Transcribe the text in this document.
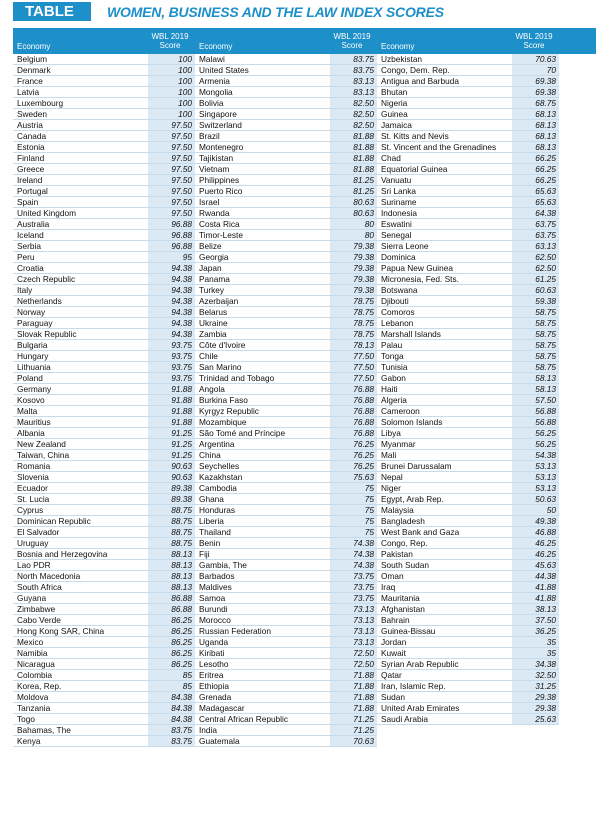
TABLE	WOMEN, BUSINESS AND THE LAW INDEX SCORES
Economy
WBL 2019 Score	Economy
WBL 2019 Score	Economy
WBL 2019 Score
Belgium	100
Denmark	100
France	100
Latvia	100
Luxembourg	100
Sweden	100
Austria	97.50
Canada	97.50
Estonia	97.50
Finland	97.50
Greece	97.50
Ireland	97.50
Portugal	97.50
Spain	97.50
United Kingdom	97.50
Australia	96.88
Iceland	96.88
Serbia	96.88
Peru	95
Croatia	94.38
Czech Republic	94.38
Italy	94.38
Netherlands	94.38
Norway	94.38
Paraguay	94.38
Slovak Republic	94.38
Bulgaria	93.75
Hungary	93.75
Lithuania	93.75
Poland	93.75
Germany	91.88
Kosovo	91.88
Malta	91.88
Mauritius	91.88
Albania	91.25
New Zealand	91.25
Taiwan, China	91.25
Romania	90.63
Slovenia	90.63
Ecuador	89.38
St. Lucia	89.38
Cyprus	88.75
Dominican Republic	88.75
El Salvador	88.75
Uruguay	88.75
Bosnia and Herzegovina	88.13
Lao PDR	88.13
North Macedonia	88.13
South Africa	88.13
Guyana	86.88
Zimbabwe	86.88
Cabo Verde	86.25
Hong Kong SAR, China	86.25
Mexico	86.25
Namibia	86.25
Nicaragua	86.25
Colombia	85
Korea, Rep.	85
Moldova	84.38
Tanzania	84.38
Togo	84.38
Bahamas, The	83.75
Kenya	83.75
Malawi	83.75
United States	83.75
Armenia	83.13
Mongolia	83.13
Bolivia	82.50
Singapore	82.50
Switzerland	82.50
Brazil	81.88
Montenegro	81.88
Tajikistan	81.88
Vietnam	81.88
Philippines	81.25
Puerto Rico	81.25
Israel	80.63
Rwanda	80.63
Costa Rica	80
Timor-Leste	80
Belize	79.38
Georgia	79.38
Japan	79.38
Panama	79.38
Turkey	79.38
Azerbaijan	78.75
Belarus	78.75
Ukraine	78.75
Zambia	78.75
Côte d'Ivoire	78.13
Chile	77.50
San Marino	77.50
Trinidad and Tobago	77.50
Angola	76.88
Burkina Faso	76.88
Kyrgyz Republic	76.88
Mozambique	76.88
São Tomé and Príncipe	76.88
Argentina	76.25
China	76.25
Seychelles	76.25
Kazakhstan	75.63
Cambodia	75
Ghana	75
Honduras	75
Liberia	75
Thailand	75
Benin	74.38
Fiji	74.38
Gambia, The	74.38
Barbados	73.75
Maldives	73.75
Samoa	73.75
Burundi	73.13
Morocco	73.13
Russian Federation	73.13
Uganda	73.13
Kiribati	72.50
Lesotho	72.50
Eritrea	71.88
Ethiopia	71.88
Grenada	71.88
Madagascar	71.88
Central African Republic	71.25
India	71.25
Guatemala	70.63
Uzbekistan	70.63
Congo, Dem. Rep.	70
Antigua and Barbuda	69.38
Bhutan	69.38
Nigeria	68.75
Guinea	68.13
Jamaica	68.13
St. Kitts and Nevis	68.13
St. Vincent and the Grenadines	68.13
Chad	66.25
Equatorial Guinea	66.25
Vanuatu	66.25
Sri Lanka	65.63
Suriname	65.63
Indonesia	64.38
Eswatini	63.75
Senegal	63.75
Sierra Leone	63.13
Dominica	62.50
Papua New Guinea	62.50
Micronesia, Fed. Sts.	61.25
Botswana	60.63
Djibouti	59.38
Comoros	58.75
Lebanon	58.75
Marshall Islands	58.75
Palau	58.75
Tonga	58.75
Tunisia	58.75
Gabon	58.13
Haiti	58.13
Algeria	57.50
Cameroon	56.88
Solomon Islands	56.88
Libya	56.25
Myanmar	56.25
Mali	54.38
Brunei Darussalam	53.13
Nepal	53.13
Niger	53.13
Egypt, Arab Rep.	50.63
Malaysia	50
Bangladesh	49.38
West Bank and Gaza	46.88
Congo, Rep.	46.25
Pakistan	46.25
South Sudan	45.63
Oman	44.38
Iraq	41.88
Mauritania	41.88
Afghanistan	38.13
Bahrain	37.50
Guinea-Bissau	36.25
Jordan	35
Kuwait	35
Syrian Arab Republic	34.38
Qatar	32.50
Iran, Islamic Rep.	31.25
Sudan	29.38
United Arab Emirates	29.38
Saudi Arabia	25.63
